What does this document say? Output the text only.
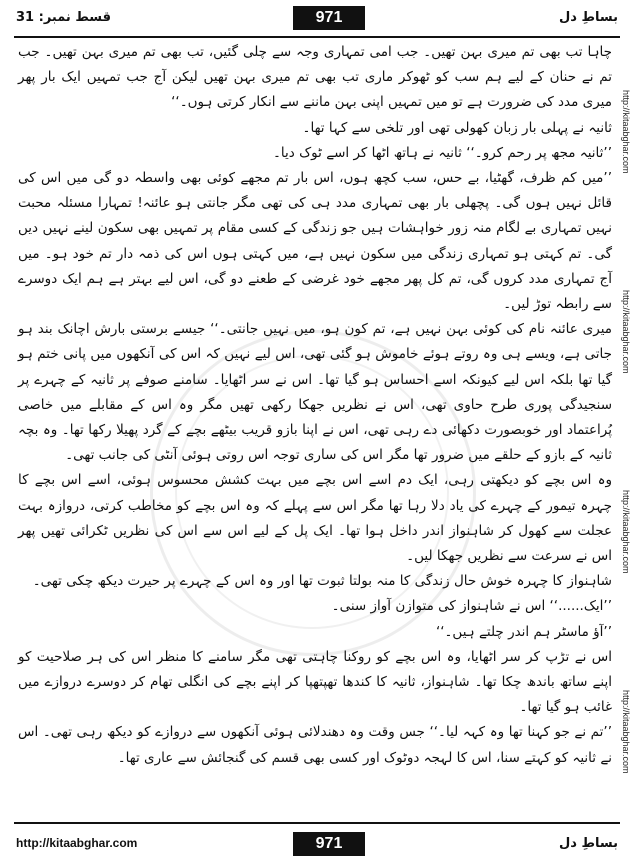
قسط نمبر: 31	971	بساطِ دل
http://kitaabghar.com
http://kitaabghar.com
http://kitaabghar.com
http://kitaabghar.com

چاہا تب بھی تم میری بہن تھیں۔ جب امی تمہاری وجہ سے چلی گئیں، تب بھی تم میری بہن تھیں۔ جب تم نے حنان کے لیے ہم سب کو ٹھوکر ماری تب بھی تم میری بہن تھیں لیکن آج جب تمہیں ایک بار پھر میری مدد کی ضرورت ہے تو میں تمہیں اپنی بہن ماننے سے انکار کرتی ہوں۔‘‘

ثانیہ نے پہلی بار زبان کھولی تھی اور تلخی سے کہا تھا۔

’’ثانیہ مجھ پر رحم کرو۔‘‘ ثانیہ نے ہاتھ اٹھا کر اسے ٹوک دیا۔

’’میں کم ظرف، گھٹیا، بے حس، سب کچھ ہوں، اس بار تم مجھے کوئی بھی واسطہ دو گی میں اس کی قائل نہیں ہوں گی۔ پچھلی بار بھی تمہاری مدد ہی کی تھی مگر جانتی ہو عائنہ! تمہارا مسئلہ محبت نہیں تمہاری بے لگام منہ زور خواہشات ہیں جو زندگی کے کسی مقام پر تمہیں بھی سکون لینے نہیں دیں گی۔ تم کہتی ہو تمہاری زندگی میں سکون نہیں ہے، میں کہتی ہوں اس کی ذمہ دار تم خود ہو۔ میں آج تمہاری مدد کروں گی، تم کل پھر مجھے خود غرضی کے طعنے دو گی، اس لیے بہتر ہے ہم ایک دوسرے سے رابطہ توڑ لیں۔

میری عائنہ نام کی کوئی بہن نہیں ہے، تم کون ہو، میں نہیں جانتی۔‘‘ جیسے برستی بارش اچانک بند ہو جاتی ہے، ویسے ہی وہ روتے ہوئے خاموش ہو گئی تھی، اس لیے نہیں کہ اس کی آنکھوں میں پانی ختم ہو گیا تھا بلکہ اس لیے کیونکہ اسے احساس ہو گیا تھا۔ اس نے سر اٹھایا۔ سامنے صوفے پر ثانیہ کے چہرے پر سنجیدگی پوری طرح حاوی تھی، اس نے نظریں جھکا رکھی تھیں مگر وہ اس کے مقابلے میں خاصی پُراعتماد اور خوبصورت دکھائی دے رہی تھی، اس نے اپنا بازو قریب بیٹھے بچے کے گرد پھیلا رکھا تھا۔ وہ بچہ ثانیہ کے بازو کے حلقے میں ضرور تھا مگر اس کی ساری توجہ اس روتی ہوئی آنٹی کی جانب تھی۔

وہ اس بچے کو دیکھتی رہی، ایک دم اسے اس بچے میں بہت کشش محسوس ہوئی، اسے اس بچے کا چہرہ تیمور کے چہرے کی یاد دلا رہا تھا مگر اس سے پہلے کہ وہ اس بچے کو مخاطب کرتی، دروازہ بہت عجلت سے کھول کر شاہنواز اندر داخل ہوا تھا۔ ایک پل کے لیے اس سے اس کی نظریں ٹکرائی تھیں پھر اس نے سرعت سے نظریں جھکا لیں۔

شاہنواز کا چہرہ خوش حال زندگی کا منہ بولتا ثبوت تھا اور وہ اس کے چہرے پر حیرت دیکھ چکی تھی۔

’’ایک......‘‘ اس نے شاہنواز کی متوازن آواز سنی۔

’’آؤ ماسٹر ہم اندر چلتے ہیں۔‘‘

اس نے تڑپ کر سر اٹھایا، وہ اس بچے کو روکنا چاہتی تھی مگر سامنے کا منظر اس کی ہر صلاحیت کو اپنے ساتھ باندھ چکا تھا۔ شاہنواز، ثانیہ کا کندھا تھپتھپا کر اپنے بچے کی انگلی تھام کر دوسرے دروازے میں غائب ہو گیا تھا۔

’’تم نے جو کہنا تھا وہ کہہ لیا۔‘‘ جس وقت وہ دھندلائی ہوئی آنکھوں سے دروازے کو دیکھ رہی تھی۔ اس نے ثانیہ کو کہتے سنا، اس کا لہجہ دوٹوک اور کسی بھی قسم کی گنجائش سے عاری تھا۔

http://kitaabghar.com	971	بساطِ دل
